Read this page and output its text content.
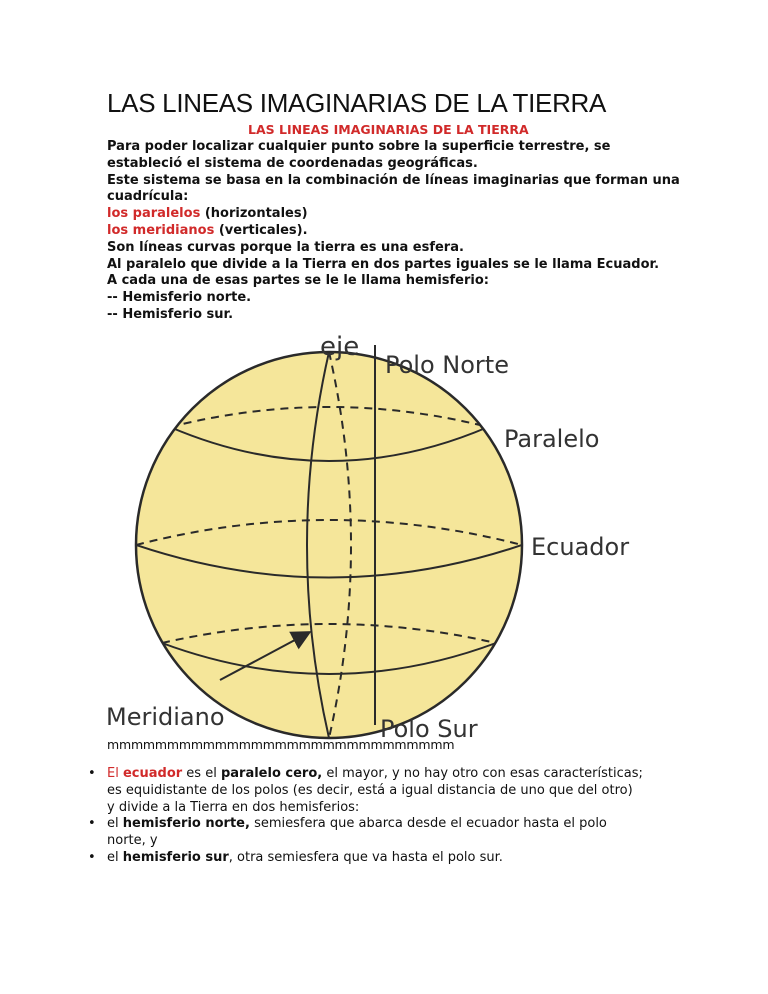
LAS LINEAS IMAGINARIAS DE LA TIERRA
LAS LINEAS IMAGINARIAS DE LA TIERRA

Para poder localizar cualquier punto sobre la superficie terrestre, se

estableció el sistema de coordenadas geográficas.

Este sistema se basa en la combinación de líneas imaginarias que forman una

cuadrícula:

los paralelos (horizontales)

los meridianos (verticales).

Son líneas curvas porque la tierra es una esfera.

Al paralelo que divide a la Tierra en dos partes iguales se le llama Ecuador.

A cada una de esas partes se le le llama hemisferio:

-- Hemisferio norte.

-- Hemisferio sur.

eje
Polo Norte
Paralelo
Ecuador
Meridiano	Polo Sur
mmmmmmmmmmmmmmmmmmmmmmmmmmmmm
• El ecuador es el paralelo cero, el mayor, y no hay otro con esas características;
es equidistante de los polos (es decir, está a igual distancia de uno que del otro)
y divide a la Tierra en dos hemisferios:
• el hemisferio norte, semiesfera que abarca desde el ecuador hasta el polo
norte, y
• el hemisferio sur, otra semiesfera que va hasta el polo sur.
